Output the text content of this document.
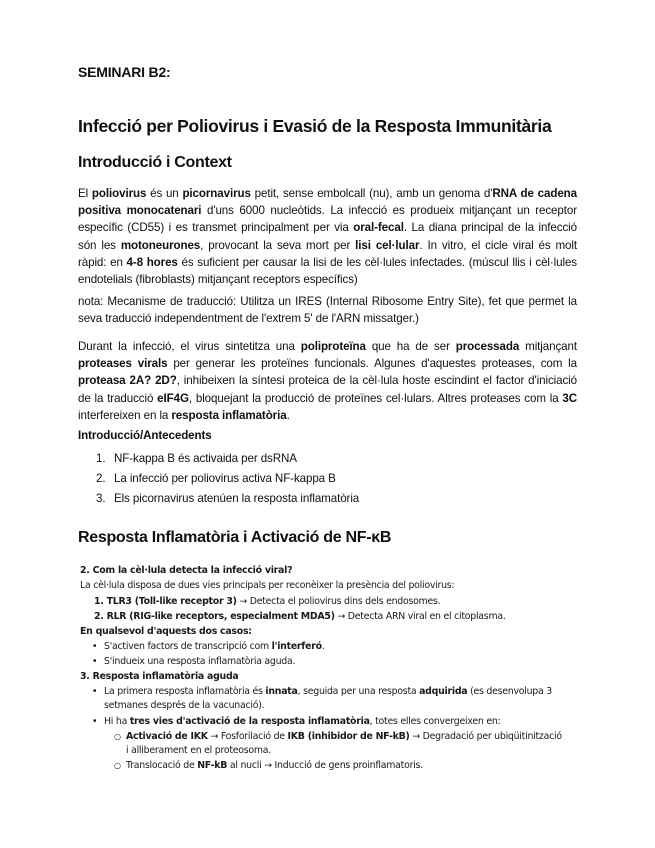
SEMINARI B2:
Infecció per Poliovirus i Evasió de la Resposta Immunitària
Introducció i Context

El poliovirus és un picornavirus petit, sense embolcall (nu), amb un genoma d'RNA de cadena positiva monocatenari d'uns 6000 nucleòtids. La infecció es produeix mitjançant un receptor específic (CD55) i es transmet principalment per via oral-fecal. La diana principal de la infecció són les motoneurones, provocant la seva mort per lisi cel·lular. In vitro, el cicle viral és molt ràpid: en 4-8 hores és suficient per causar la lisi de les cèl·lules infectades. (múscul llis i cèl·lules endotelials (fibroblasts) mitjançant receptors específics)

nota: Mecanisme de traducció: Utilitza un IRES (Internal Ribosome Entry Site), fet que permet la seva traducció independentment de l'extrem 5' de l'ARN missatger.)

Durant la infecció, el virus sintetitza una poliproteïna que ha de ser processada mitjançant proteases virals per generar les proteïnes funcionals. Algunes d'aquestes proteases, com la proteasa 2A? 2D?, inhibeixen la síntesi proteica de la cèl·lula hoste escindint el factor d'iniciació de la traducció eIF4G, bloquejant la producció de proteïnes cel·lulars. Altres proteases com la 3C interfereixen en la resposta inflamatòria.

Introducció/Antecedents
1. NF-kappa B és activaida per dsRNA
2. La infecció per poliovirus activa NF-kappa B
3. Els picornavirus atenúen la resposta inflamatòria
Resposta Inflamatòria i Activació de NF-κB
2. Com la cèl·lula detecta la infecció viral?
La cèl·lula disposa de dues vies principals per reconèixer la presència del poliovirus:
1. TLR3 (Toll-like receptor 3) → Detecta el poliovirus dins dels endosomes.
2. RLR (RIG-like receptors, especialment MDA5) → Detecta ARN viral en el citoplasma.
En qualsevol d'aquests dos casos:
• S'activen factors de transcripció com l'interferó.
• S'indueix una resposta inflamatòria aguda.
3. Resposta inflamatòria aguda
• La primera resposta inflamatòria és innata, seguida per una resposta adquirida (es desenvolupa 3
setmanes després de la vacunació).
• Hi ha tres vies d'activació de la resposta inflamatòria, totes elles convergeixen en:
○ Activació de IKK → Fosforilació de IKB (inhibidor de NF-kB) → Degradació per ubiqüitinització
i alliberament en el proteosoma.
○ Translocació de NF-kB al nucli → Inducció de gens proinflamatoris.
